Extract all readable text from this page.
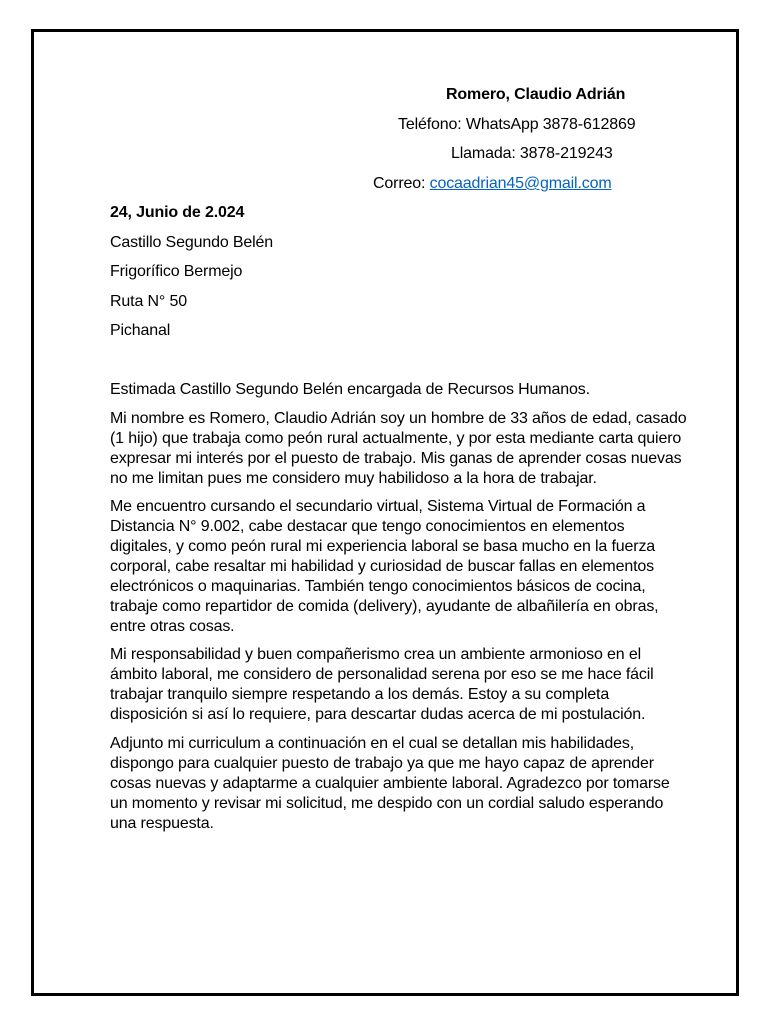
Romero, Claudio Adrián
Teléfono: WhatsApp 3878-612869
Llamada: 3878-219243
Correo: cocaadrian45@gmail.com
24, Junio de 2.024
Castillo Segundo Belén
Frigorífico Bermejo
Ruta N° 50
Pichanal
Estimada Castillo Segundo Belén encargada de Recursos Humanos.
Mi nombre es Romero, Claudio Adrián soy un hombre de 33 años de edad, casado
(1 hijo) que trabaja como peón rural actualmente, y por esta mediante carta quiero
expresar mi interés por el puesto de trabajo. Mis ganas de aprender cosas nuevas
no me limitan pues me considero muy habilidoso a la hora de trabajar.
Me encuentro cursando el secundario virtual, Sistema Virtual de Formación a
Distancia N° 9.002, cabe destacar que tengo conocimientos en elementos
digitales, y como peón rural mi experiencia laboral se basa mucho en la fuerza
corporal, cabe resaltar mi habilidad y curiosidad de buscar fallas en elementos
electrónicos o maquinarias. También tengo conocimientos básicos de cocina,
trabaje como repartidor de comida (delivery), ayudante de albañilería en obras,
entre otras cosas.
Mi responsabilidad y buen compañerismo crea un ambiente armonioso en el
ámbito laboral, me considero de personalidad serena por eso se me hace fácil
trabajar tranquilo siempre respetando a los demás. Estoy a su completa
disposición si así lo requiere, para descartar dudas acerca de mi postulación.
Adjunto mi curriculum a continuación en el cual se detallan mis habilidades,
dispongo para cualquier puesto de trabajo ya que me hayo capaz de aprender
cosas nuevas y adaptarme a cualquier ambiente laboral. Agradezco por tomarse
un momento y revisar mi solicitud, me despido con un cordial saludo esperando
una respuesta.
